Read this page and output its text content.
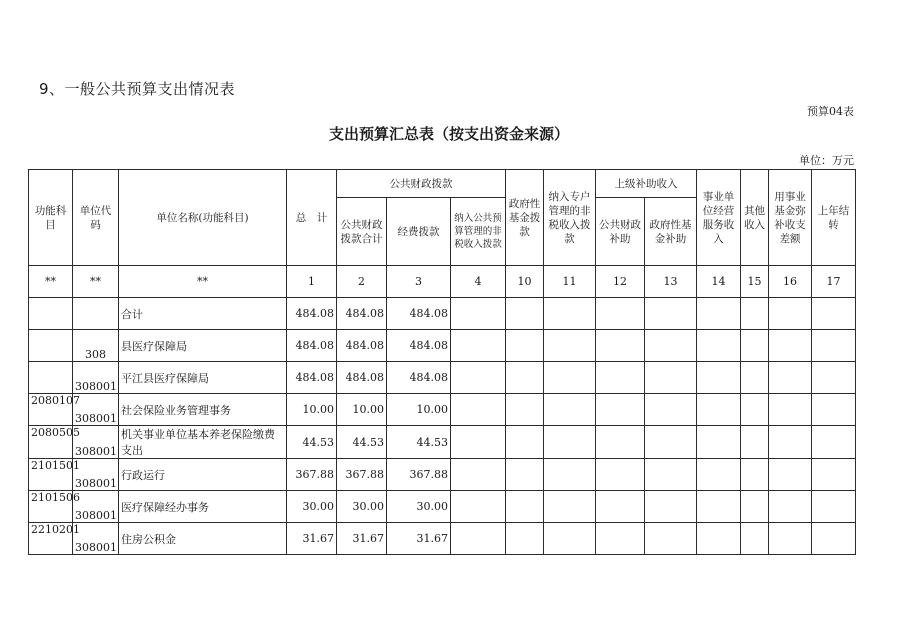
9、一般公共预算支出情况表
预算04表
支出预算汇总表（按支出资金来源）
单位：万元
功能科目	单位代码	单位名称(功能科目)	总　计	公共财政拨款			政府性基金拨款	纳入专户管理的非税收入拨款	上级补助收入		事业单位经营服务收入	其他收入	用事业基金弥补收支差额	上年结转
				公共财政拨款合计	经费拨款	纳入公共预算管理的非税收入拨款			公共财政补助	政府性基金补助				
**	**	**	1	2	3	4	10	11	12	13	14	15	16	17
		合计	484.08	484.08	484.08									
	308	县医疗保障局	484.08	484.08	484.08									
	308001	平江县医疗保障局	484.08	484.08	484.08									
2080107	308001	社会保险业务管理事务	10.00	10.00	10.00									
2080505	308001	机关事业单位基本养老保险缴费支出	44.53	44.53	44.53									
2101501	308001	行政运行	367.88	367.88	367.88									
2101506	308001	医疗保障经办事务	30.00	30.00	30.00									
2210201	308001	住房公积金	31.67	31.67	31.67									
